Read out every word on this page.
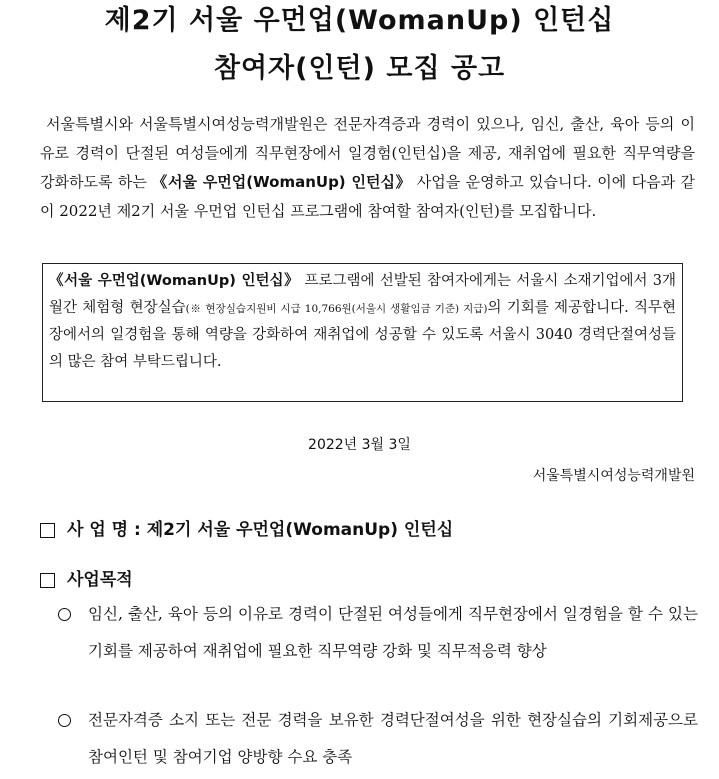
제2기 서울 우먼업(WomanUp) 인턴십
참여자(인턴) 모집 공고
서울특별시와 서울특별시여성능력개발원은 전문자격증과 경력이 있으나, 임신, 출산, 육아 등의 이유로 경력이 단절된 여성들에게 직무현장에서 일경험(인턴십)을 제공, 재취업에 필요한 직무역량을 강화하도록 하는 《서울 우먼업(WomanUp) 인턴십》 사업을 운영하고 있습니다. 이에 다음과 같이 2022년 제2기 서울 우먼업 인턴십 프로그램에 참여할 참여자(인턴)를 모집합니다.
《서울 우먼업(WomanUp) 인턴십》 프로그램에 선발된 참여자에게는 서울시 소재기업에서 3개월간 체험형 현장실습(※ 현장실습지원비 시급 10,766원(서울시 생활임금 기준) 지급)의 기회를 제공합니다. 직무현장에서의 일경험을 통해 역량을 강화하여 재취업에 성공할 수 있도록 서울시 3040 경력단절여성들의 많은 참여 부탁드립니다.
2022년 3월 3일
서울특별시여성능력개발원
사 업 명 : 제2기 서울 우먼업(WomanUp) 인턴십
사업목적
임신, 출산, 육아 등의 이유로 경력이 단절된 여성들에게 직무현장에서 일경험을 할 수 있는 기회를 제공하여 재취업에 필요한 직무역량 강화 및 직무적응력 향상
전문자격증 소지 또는 전문 경력을 보유한 경력단절여성을 위한 현장실습의 기회제공으로 참여인턴 및 참여기업 양방향 수요 충족
